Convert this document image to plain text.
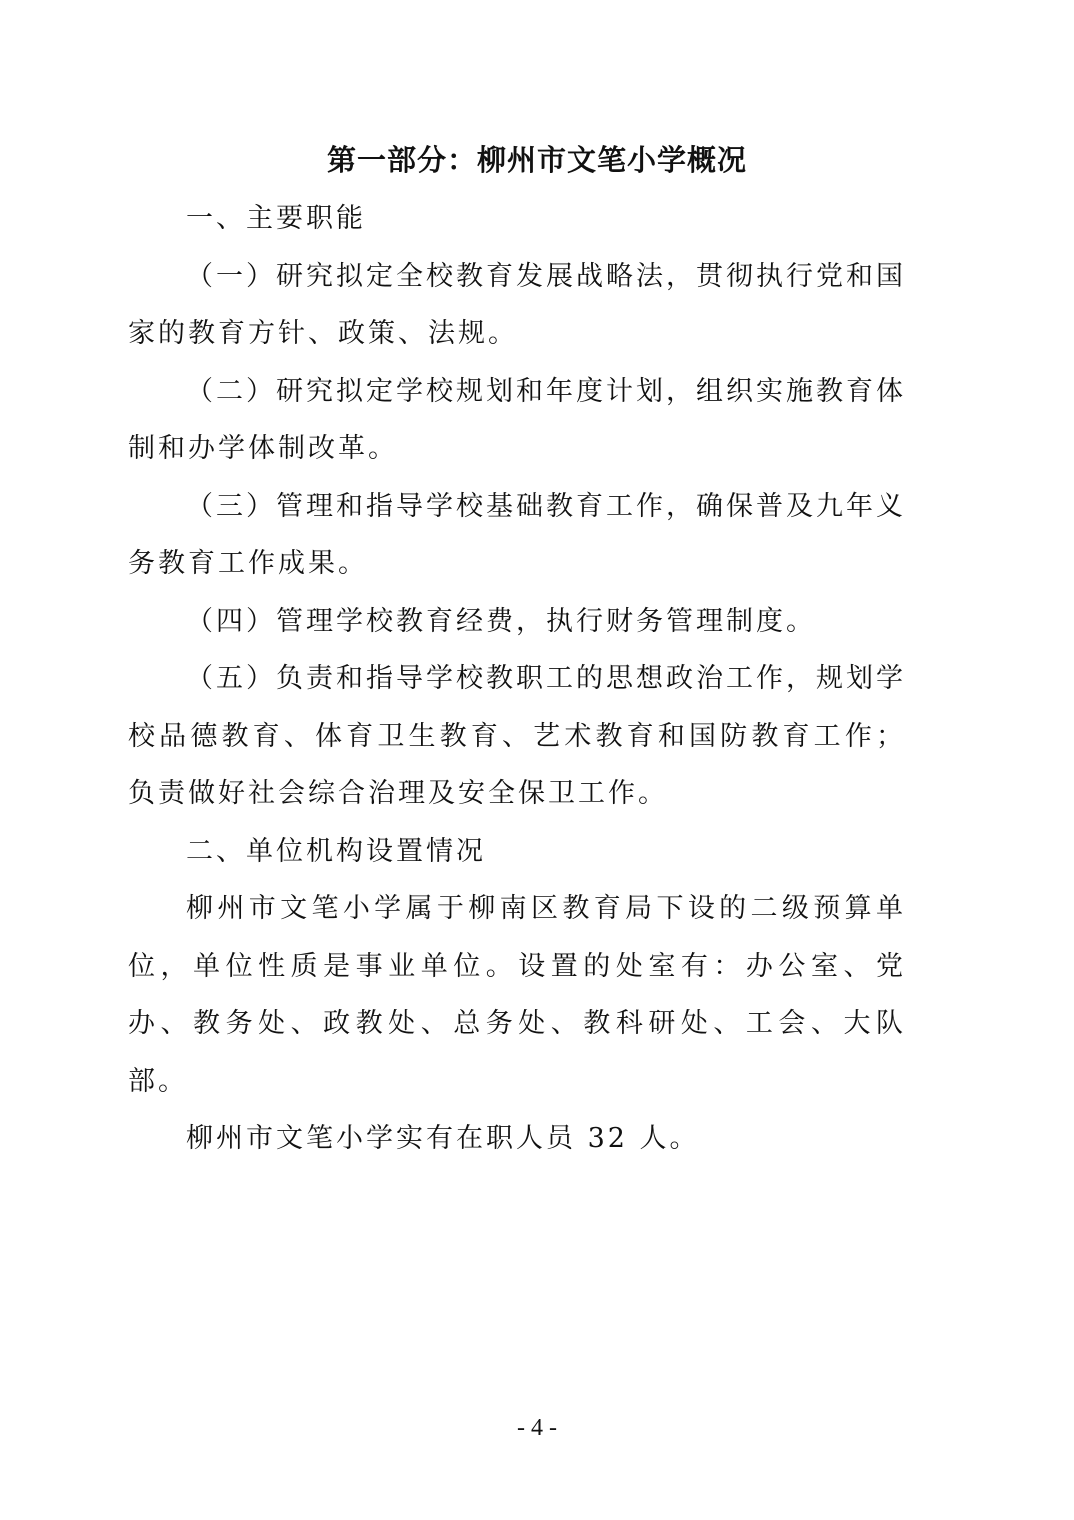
第一部分：柳州市文笔小学概况

一、主要职能

（一）研究拟定全校教育发展战略法，贯彻执行党和国家的教育方针、政策、法规。

（二）研究拟定学校规划和年度计划，组织实施教育体制和办学体制改革。

（三）管理和指导学校基础教育工作，确保普及九年义务教育工作成果。

（四）管理学校教育经费，执行财务管理制度。

（五）负责和指导学校教职工的思想政治工作，规划学校品德教育、体育卫生教育、艺术教育和国防教育工作；负责做好社会综合治理及安全保卫工作。

二、单位机构设置情况

柳州市文笔小学属于柳南区教育局下设的二级预算单位，单位性质是事业单位。设置的处室有：办公室、党办、教务处、政教处、总务处、教科研处、工会、大队部。

柳州市文笔小学实有在职人员 32 人。

- 4 -
